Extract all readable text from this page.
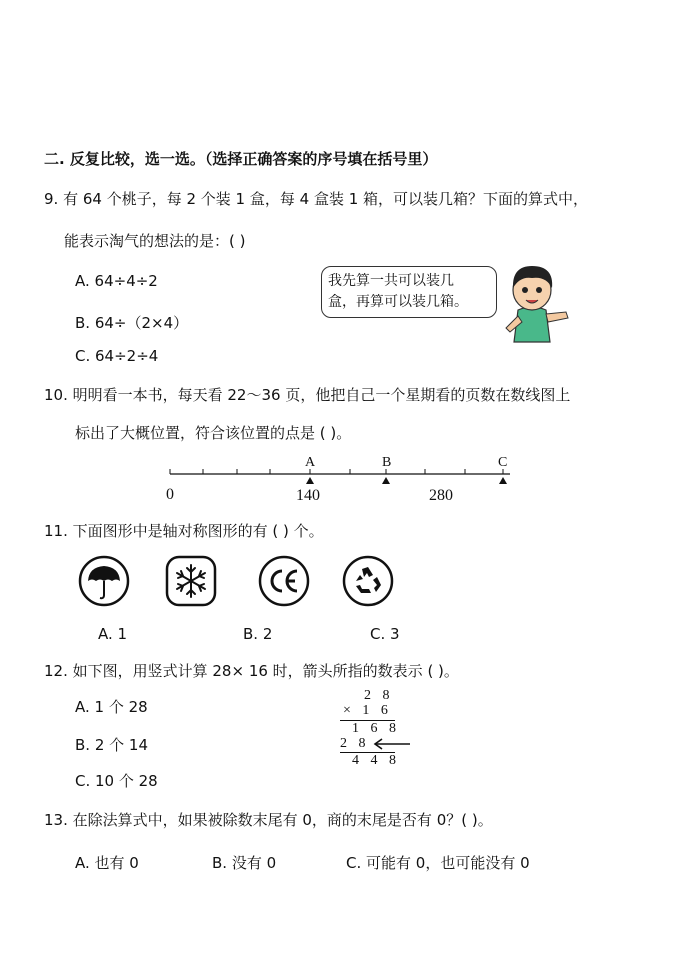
二. 反复比较，选一选。（选择正确答案的序号填在括号里）
9. 有 64 个桃子，每 2 个装 1 盒，每 4 盒装 1 箱，可以装几箱？下面的算式中，
能表示淘气的想法的是：( )
A. 64÷4÷2
B. 64÷（2×4）
C. 64÷2÷4
我先算一共可以装几
盒，再算可以装几箱。
10. 明明看一本书，每天看 22～36 页，他把自己一个星期看的页数在数线图上
标出了大概位置，符合该位置的点是 ( )。
A	B	C
0	140	280
11. 下面图形中是轴对称图形的有 ( ) 个。
A. 1	B. 2	C. 3
12. 如下图，用竖式计算 28× 16 时，箭头所指的数表示 ( )。
A. 1 个 28
B. 2 个 14
C. 10 个 28
2 8
× 1 6
1 6 8
2 8
4 4 8
13. 在除法算式中，如果被除数末尾有 0，商的末尾是否有 0？( )。
A. 也有 0	B. 没有 0	C. 可能有 0，也可能没有 0
